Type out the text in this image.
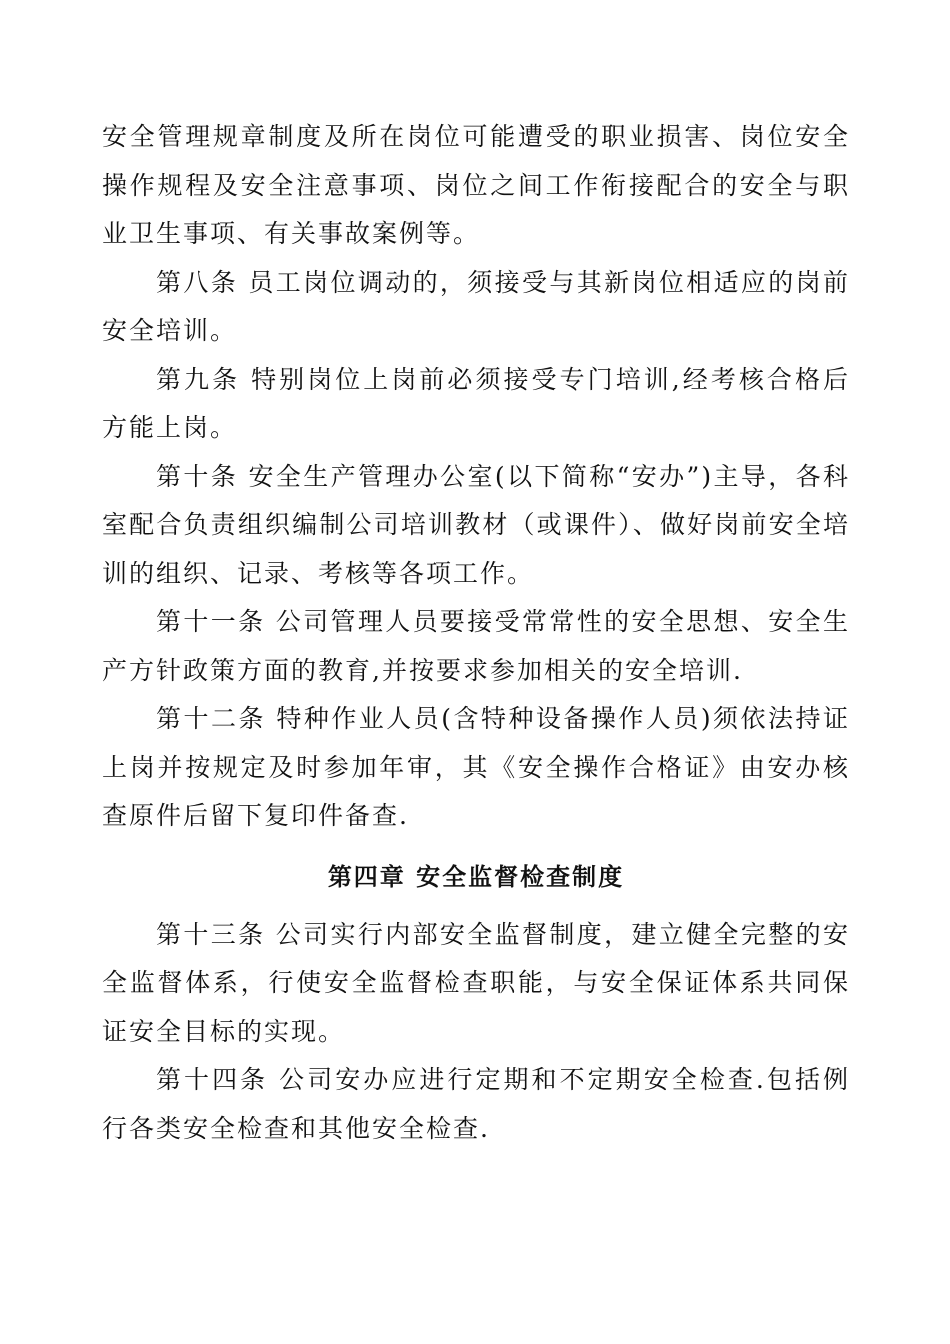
安全管理规章制度及所在岗位可能遭受的职业损害、岗位安全操作规程及安全注意事项、岗位之间工作衔接配合的安全与职业卫生事项、有关事故案例等。

第八条 员工岗位调动的，须接受与其新岗位相适应的岗前安全培训。

第九条 特别岗位上岗前必须接受专门培训,经考核合格后方能上岗。

第十条 安全生产管理办公室(以下简称“安办”)主导，各科室配合负责组织编制公司培训教材（或课件）、做好岗前安全培训的组织、记录、考核等各项工作。

第十一条 公司管理人员要接受常常性的安全思想、安全生产方针政策方面的教育,并按要求参加相关的安全培训.

第十二条 特种作业人员(含特种设备操作人员)须依法持证上岗并按规定及时参加年审，其《安全操作合格证》由安办核查原件后留下复印件备查.

第四章 安全监督检查制度

第十三条 公司实行内部安全监督制度，建立健全完整的安全监督体系，行使安全监督检查职能，与安全保证体系共同保证安全目标的实现。

第十四条 公司安办应进行定期和不定期安全检查.包括例行各类安全检查和其他安全检查.
